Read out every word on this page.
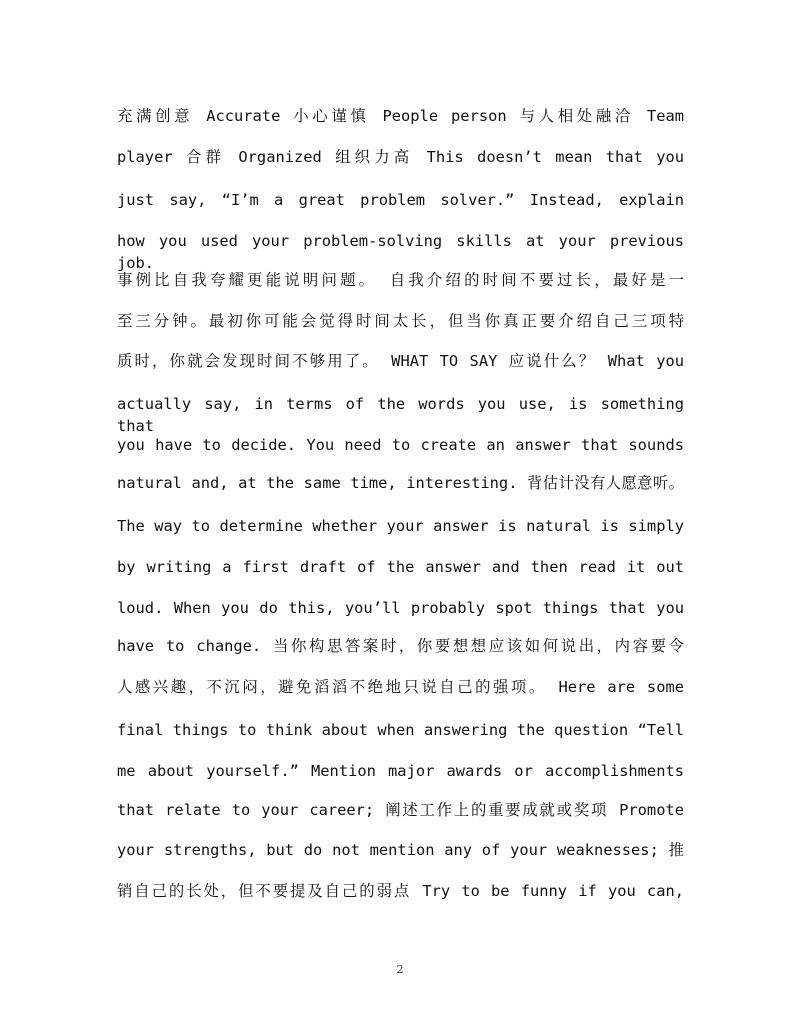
充满创意 Accurate 小心谨慎 People person 与人相处融洽 Team
player 合群 Organized 组织力高 This doesn’t mean that you
just say, “I’m a great problem solver.” Instead, explain
how you used your problem-solving skills at your previous job.
事例比自我夸耀更能说明问题。 自我介绍的时间不要过长，最好是一
至三分钟。最初你可能会觉得时间太长，但当你真正要介绍自己三项特
质时，你就会发现时间不够用了。 WHAT TO SAY 应说什么？ What you
actually say, in terms of the words you use, is something that
you have to decide. You need to create an answer that sounds
natural and, at the same time, interesting. 背估计没有人愿意听。
The way to determine whether your answer is natural is simply
by writing a first draft of the answer and then read it out
loud. When you do this, you’ll probably spot things that you
have to change. 当你构思答案时，你要想想应该如何说出，内容要令
人感兴趣，不沉闷，避免滔滔不绝地只说自己的强项。 Here are some
final things to think about when answering the question “Tell
me about yourself.” Mention major awards or accomplishments
that relate to your career; 阐述工作上的重要成就或奖项 Promote
your strengths, but do not mention any of your weaknesses; 推
销自己的长处，但不要提及自己的弱点 Try to be funny if you can,
2
